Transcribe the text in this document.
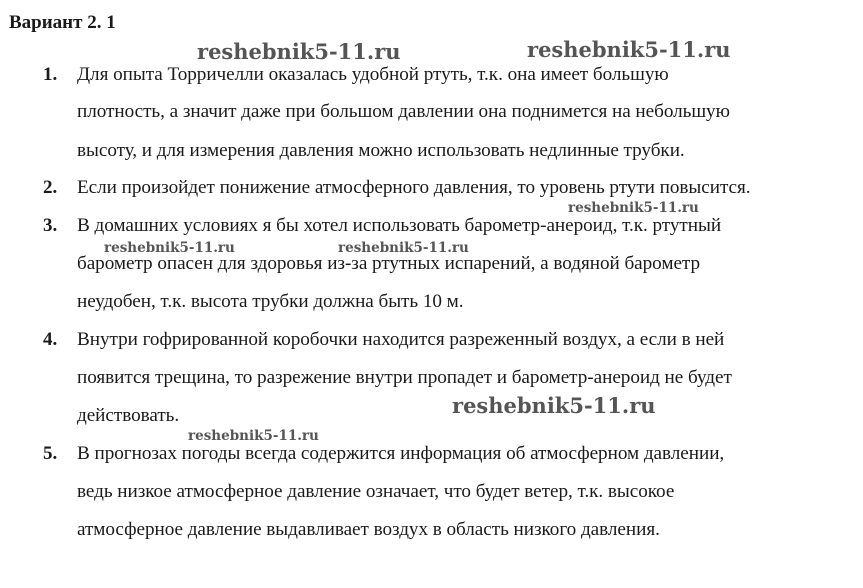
Вариант 2. 1
1.	Для опыта Торричелли оказалась удобной ртуть, т.к. она имеет большую
плотность, а значит даже при большом давлении она поднимется на небольшую
высоту, и для измерения давления можно использовать недлинные трубки.
2.	Если произойдет понижение атмосферного давления, то уровень ртути повысится.
3.	В домашних условиях я бы хотел использовать барометр-анероид, т.к. ртутный
барометр опасен для здоровья из-за ртутных испарений, а водяной барометр
неудобен, т.к. высота трубки должна быть 10 м.
4.	Внутри гофрированной коробочки находится разреженный воздух, а если в ней
появится трещина, то разрежение внутри пропадет и барометр-анероид не будет
действовать.
5.	В прогнозах погоды всегда содержится информация об атмосферном давлении,
ведь низкое атмосферное давление означает, что будет ветер, т.к. высокое
атмосферное давление выдавливает воздух в область низкого давления.
reshebnik5-11.ru	reshebnik5-11.ru
reshebnik5-11.ru
reshebnik5-11.ru	reshebnik5-11.ru
reshebnik5-11.ru
reshebnik5-11.ru
